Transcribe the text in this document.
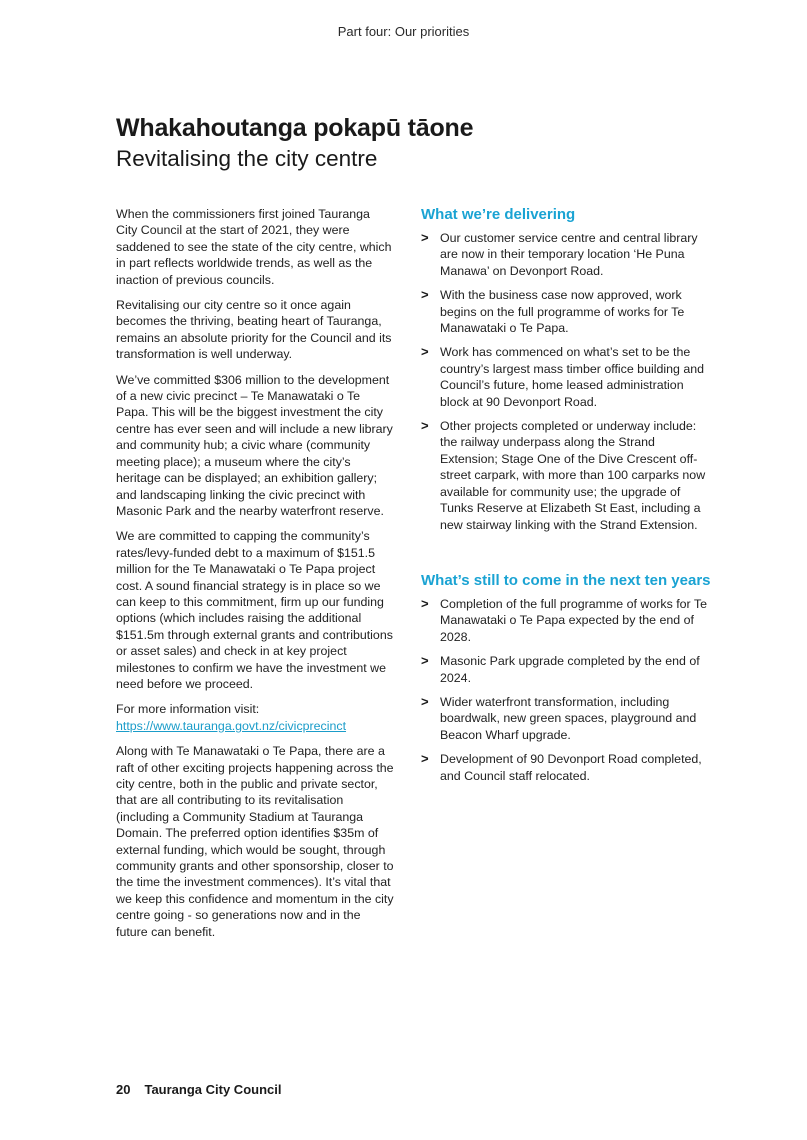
Part four: Our priorities
Whakahoutanga pokapū tāone
Revitalising the city centre

When the commissioners first joined Tauranga City Council at the start of 2021, they were saddened to see the state of the city centre, which in part reflects worldwide trends, as well as the inaction of previous councils.

Revitalising our city centre so it once again becomes the thriving, beating heart of Tauranga, remains an absolute priority for the Council and its transformation is well underway.

We’ve committed $306 million to the development of a new civic precinct – Te Manawataki o Te Papa. This will be the biggest investment the city centre has ever seen and will include a new library and community hub; a civic whare (community meeting place); a museum where the city’s heritage can be displayed; an exhibition gallery; and landscaping linking the civic precinct with Masonic Park and the nearby waterfront reserve.

We are committed to capping the community’s rates/levy-funded debt to a maximum of $151.5 million for the Te Manawataki o Te Papa project cost. A sound financial strategy is in place so we can keep to this commitment, firm up our funding options (which includes raising the additional $151.5m through external grants and contributions or asset sales) and check in at key project milestones to confirm we have the investment we need before we proceed.

For more information visit: https://www.tauranga.govt.nz/civicprecinct

Along with Te Manawataki o Te Papa, there are a raft of other exciting projects happening across the city centre, both in the public and private sector, that are all contributing to its revitalisation (including a Community Stadium at Tauranga Domain. The preferred option identifies $35m of external funding, which would be sought, through community grants and other sponsorship, closer to the time the investment commences). It’s vital that we keep this confidence and momentum in the city centre going - so generations now and in the future can benefit.

What we’re delivering
> Our customer service centre and central library are now in their temporary location ‘He Puna Manawa’ on Devonport Road.
> With the business case now approved, work begins on the full programme of works for Te Manawataki o Te Papa.
> Work has commenced on what’s set to be the country’s largest mass timber office building and Council’s future, home leased administration block at 90 Devonport Road.
> Other projects completed or underway include: the railway underpass along the Strand Extension; Stage One of the Dive Crescent off-street carpark, with more than 100 carparks now available for community use; the upgrade of Tunks Reserve at Elizabeth St East, including a new stairway linking with the Strand Extension.
What’s still to come in the next ten years
> Completion of the full programme of works for Te Manawataki o Te Papa expected by the end of 2028.
> Masonic Park upgrade completed by the end of 2024.
> Wider waterfront transformation, including boardwalk, new green spaces, playground and Beacon Wharf upgrade.
> Development of 90 Devonport Road completed, and Council staff relocated.
20 Tauranga City Council
